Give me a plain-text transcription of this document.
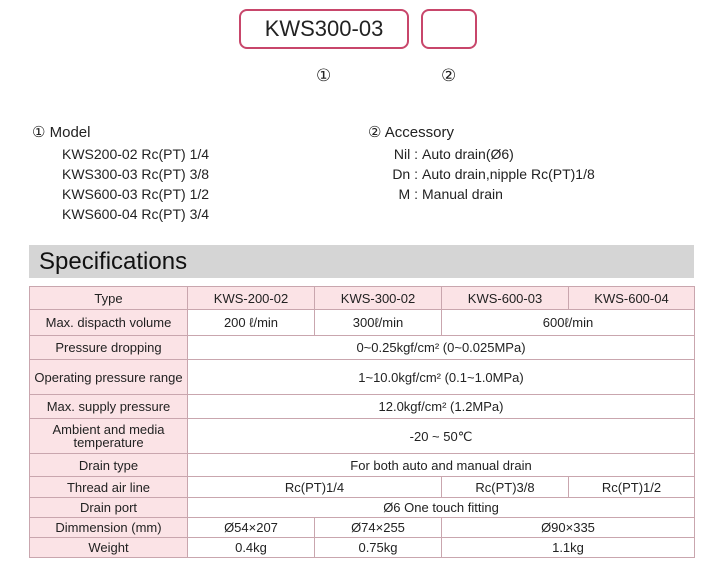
KWS300-03
①	②
① Model
KWS200-02 Rc(PT) 1/4
KWS300-03 Rc(PT) 3/8
KWS600-03 Rc(PT) 1/2
KWS600-04 Rc(PT) 3/4
② Accessory
Nil : Auto drain(Ø6)
Dn : Auto drain,nipple Rc(PT)1/8
M : Manual drain
Specifications
Type	KWS-200-02	KWS-300-02	KWS-600-03	KWS-600-04
Max. dispacth volume	200 ℓ/min	300ℓ/min	600ℓ/min	
Pressure dropping	0~0.25kgf/cm² (0~0.025MPa)			
Operating pressure range	1~10.0kgf/cm² (0.1~1.0MPa)			
Max. supply pressure	12.0kgf/cm² (1.2MPa)			
Ambient and media temperature	-20 ~ 50℃			
Drain type	For both auto and manual drain			
Thread air line	Rc(PT)1/4		Rc(PT)3/8	Rc(PT)1/2
Drain port	Ø6 One touch fitting			
Dimmension (mm)	Ø54×207	Ø74×255	Ø90×335	
Weight	0.4kg	0.75kg	1.1kg	
